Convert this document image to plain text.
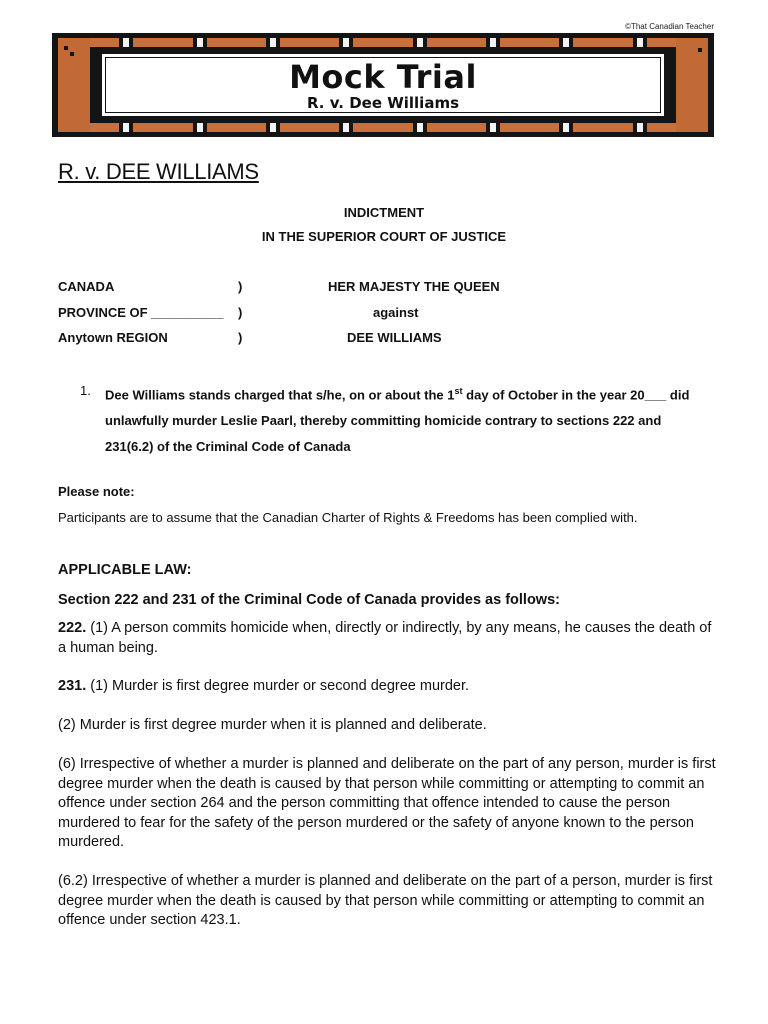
©That Canadian Teacher
Mock Trial
R. v. Dee Williams
R. v. DEE WILLIAMS
INDICTMENT
IN THE SUPERIOR COURT OF JUSTICE
CANADA	)	HER MAJESTY THE QUEEN
PROVINCE OF __________ )	against
Anytown REGION	)	DEE WILLIAMS
1. Dee Williams stands charged that s/he, on or about the 1st day of October in the year 20___ did unlawfully murder Leslie Paarl, thereby committing homicide contrary to sections 222 and 231(6.2) of the Criminal Code of Canada
Please note:
Participants are to assume that the Canadian Charter of Rights & Freedoms has been complied with.
APPLICABLE LAW:
Section 222 and 231 of the Criminal Code of Canada provides as follows:
222. (1) A person commits homicide when, directly or indirectly, by any means, he causes the death of a human being.
231. (1) Murder is first degree murder or second degree murder.
(2) Murder is first degree murder when it is planned and deliberate.
(6) Irrespective of whether a murder is planned and deliberate on the part of any person, murder is first degree murder when the death is caused by that person while committing or attempting to commit an offence under section 264 and the person committing that offence intended to cause the person murdered to fear for the safety of the person murdered or the safety of anyone known to the person murdered.
(6.2) Irrespective of whether a murder is planned and deliberate on the part of a person, murder is first degree murder when the death is caused by that person while committing or attempting to commit an offence under section 423.1.
